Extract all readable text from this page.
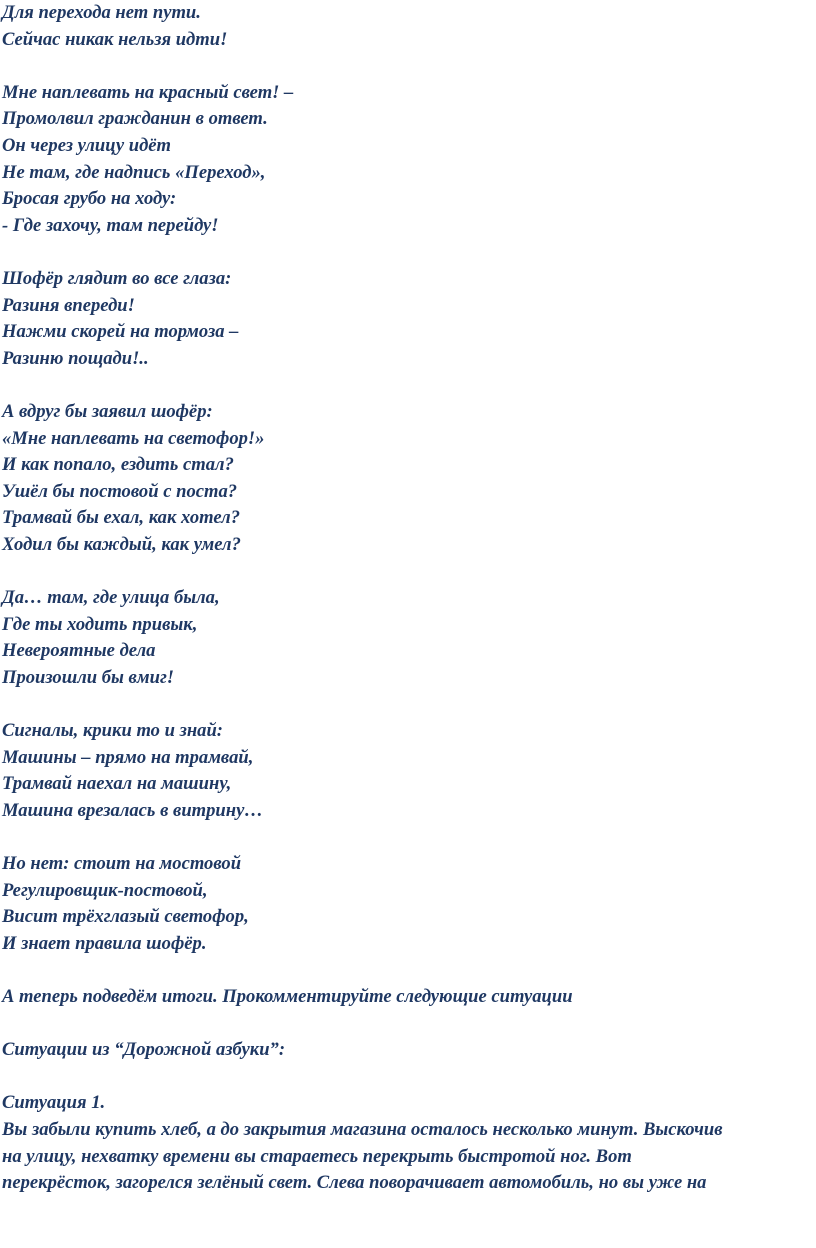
Для перехода нет пути.
Сейчас никак нельзя идти!
Мне наплевать на красный свет! –
Промолвил гражданин в ответ.
Он через улицу идёт
Не там, где надпись «Переход»,
Бросая грубо на ходу:
- Где захочу, там перейду!
Шофёр глядит во все глаза:
Разиня впереди!
Нажми скорей на тормоза –
Разиню пощади!..
А вдруг бы заявил шофёр:
«Мне наплевать на светофор!»
И как попало, ездить стал?
Ушёл бы постовой с поста?
Трамвай бы ехал, как хотел?
Ходил бы каждый, как умел?
Да… там, где улица была,
Где ты ходить привык,
Невероятные дела
Произошли бы вмиг!
Сигналы, крики то и знай:
Машины – прямо на трамвай,
Трамвай наехал на машину,
Машина врезалась в витрину…
Но нет: стоит на мостовой
Регулировщик-постовой,
Висит трёхглазый светофор,
И знает правила шофёр.
А теперь подведём итоги. Прокомментируйте следующие ситуации
Ситуации из “Дорожной азбуки”:
Ситуация 1.
Вы забыли купить хлеб, а до закрытия магазина осталось несколько минут. Выскочив
на улицу, нехватку времени вы стараетесь перекрыть быстротой ног. Вот
перекрёсток, загорелся зелёный свет. Слева поворачивает автомобиль, но вы уже на
